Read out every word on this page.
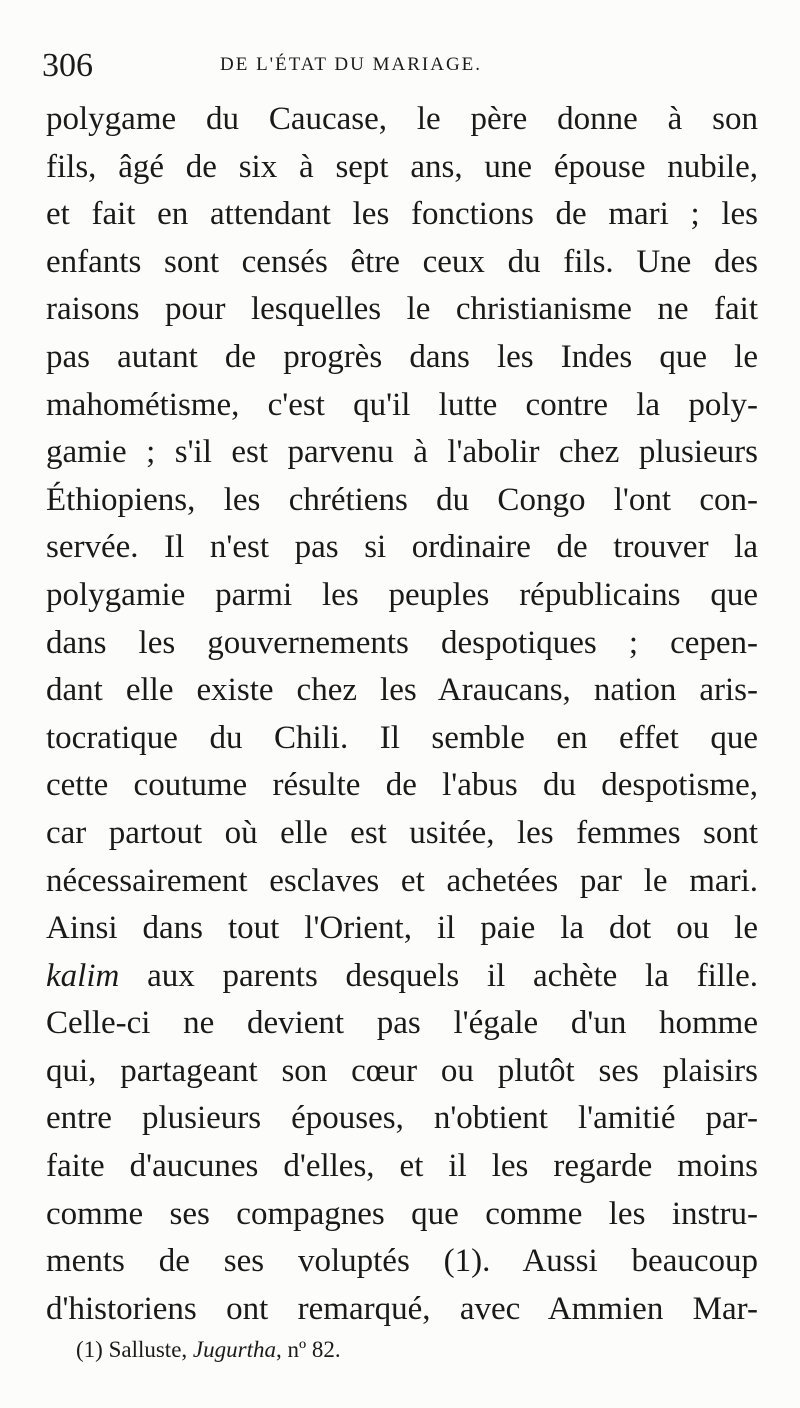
306	DE L'ÉTAT DU MARIAGE.
polygame du Caucase, le père donne à son
fils, âgé de six à sept ans, une épouse nubile,
et fait en attendant les fonctions de mari ; les
enfants sont censés être ceux du fils. Une des
raisons pour lesquelles le christianisme ne fait
pas autant de progrès dans les Indes que le
mahométisme, c'est qu'il lutte contre la poly-
gamie ; s'il est parvenu à l'abolir chez plusieurs
Éthiopiens, les chrétiens du Congo l'ont con-
servée. Il n'est pas si ordinaire de trouver la
polygamie parmi les peuples républicains que
dans les gouvernements despotiques ; cepen-
dant elle existe chez les Araucans, nation aris-
tocratique du Chili. Il semble en effet que
cette coutume résulte de l'abus du despotisme,
car partout où elle est usitée, les femmes sont
nécessairement esclaves et achetées par le mari.
Ainsi dans tout l'Orient, il paie la dot ou le
kalim aux parents desquels il achète la fille.
Celle-ci ne devient pas l'égale d'un homme
qui, partageant son cœur ou plutôt ses plaisirs
entre plusieurs épouses, n'obtient l'amitié par-
faite d'aucunes d'elles, et il les regarde moins
comme ses compagnes que comme les instru-
ments de ses voluptés (1). Aussi beaucoup
d'historiens ont remarqué, avec Ammien Mar-
(1) Salluste, Jugurtha, nº 82.
